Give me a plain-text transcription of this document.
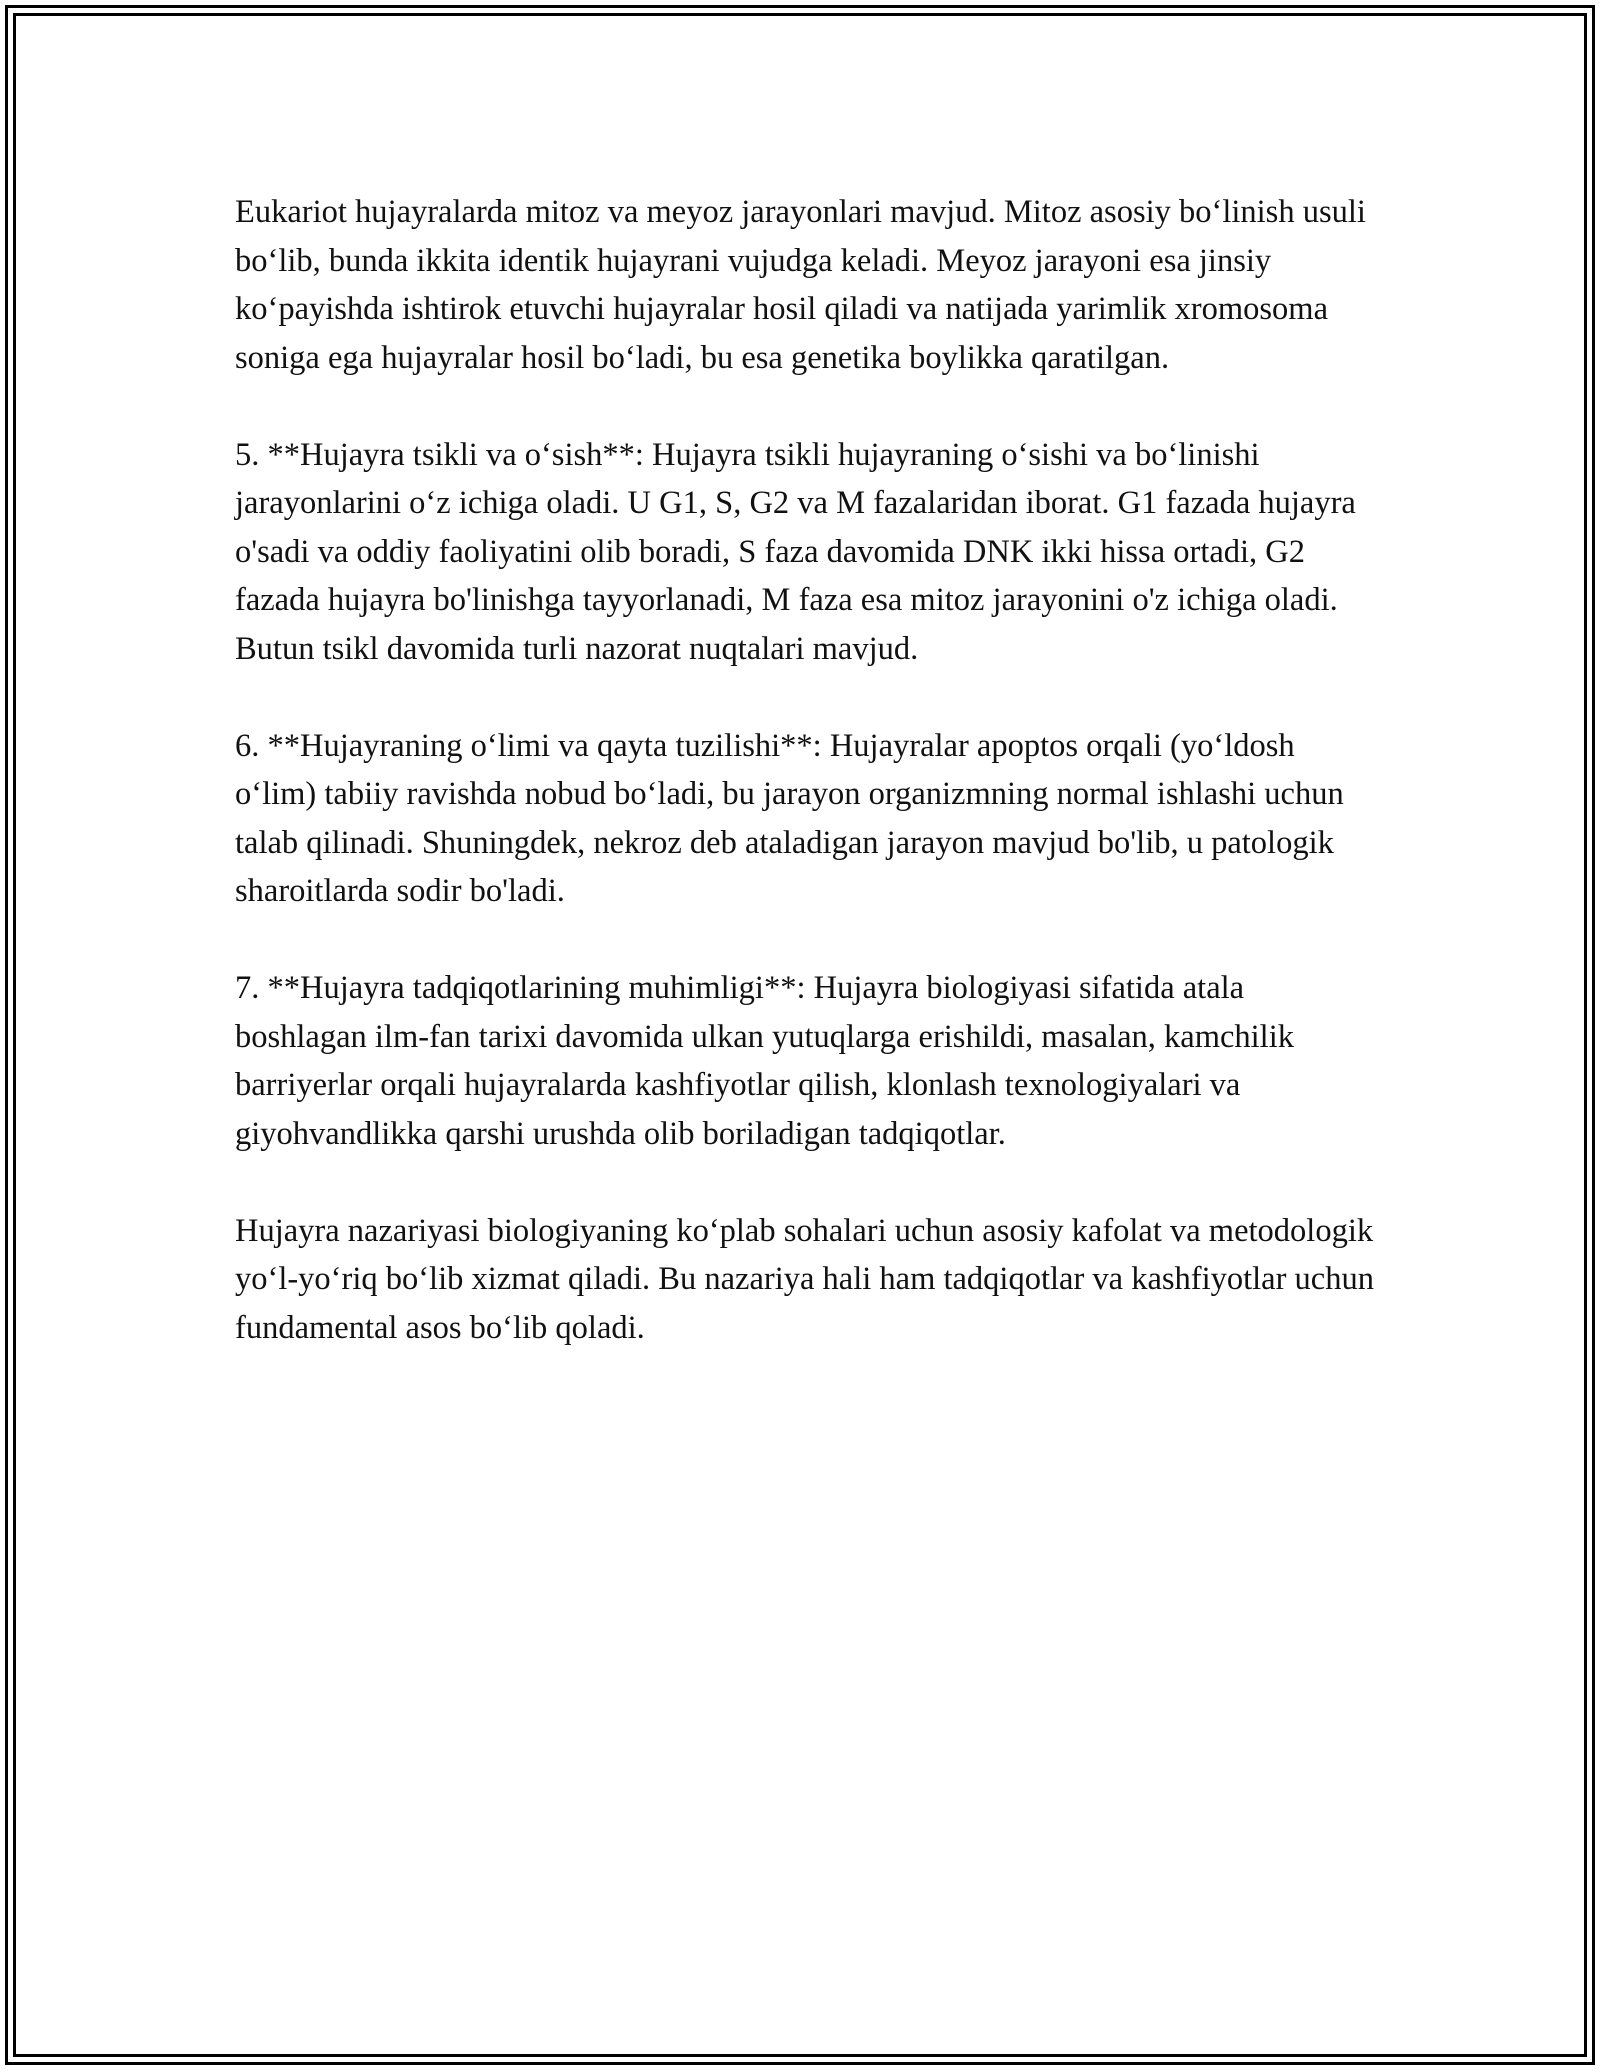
Eukariot hujayralarda mitoz va meyoz jarayonlari mavjud. Mitoz asosiy bo‘linish usuli bo‘lib, bunda ikkita identik hujayrani vujudga keladi. Meyoz jarayoni esa jinsiy ko‘payishda ishtirok etuvchi hujayralar hosil qiladi va natijada yarimlik xromosoma soniga ega hujayralar hosil bo‘ladi, bu esa genetika boylikka qaratilgan.

5. **Hujayra tsikli va o‘sish**: Hujayra tsikli hujayraning o‘sishi va bo‘linishi jarayonlarini o‘z ichiga oladi. U G1, S, G2 va M fazalaridan iborat. G1 fazada hujayra o'sadi va oddiy faoliyatini olib boradi, S faza davomida DNK ikki hissa ortadi, G2 fazada hujayra bo'linishga tayyorlanadi, M faza esa mitoz jarayonini o'z ichiga oladi. Butun tsikl davomida turli nazorat nuqtalari mavjud.

6. **Hujayraning o‘limi va qayta tuzilishi**: Hujayralar apoptos orqali (yo‘ldosh o‘lim) tabiiy ravishda nobud bo‘ladi, bu jarayon organizmning normal ishlashi uchun talab qilinadi. Shuningdek, nekroz deb ataladigan jarayon mavjud bo'lib, u patologik sharoitlarda sodir bo'ladi.

7. **Hujayra tadqiqotlarining muhimligi**: Hujayra biologiyasi sifatida atala boshlagan ilm-fan tarixi davomida ulkan yutuqlarga erishildi, masalan, kamchilik barriyerlar orqali hujayralarda kashfiyotlar qilish, klonlash texnologiyalari va giyohvandlikka qarshi urushda olib boriladigan tadqiqotlar.

Hujayra nazariyasi biologiyaning ko‘plab sohalari uchun asosiy kafolat va metodologik yo‘l-yo‘riq bo‘lib xizmat qiladi. Bu nazariya hali ham tadqiqotlar va kashfiyotlar uchun fundamental asos bo‘lib qoladi.
